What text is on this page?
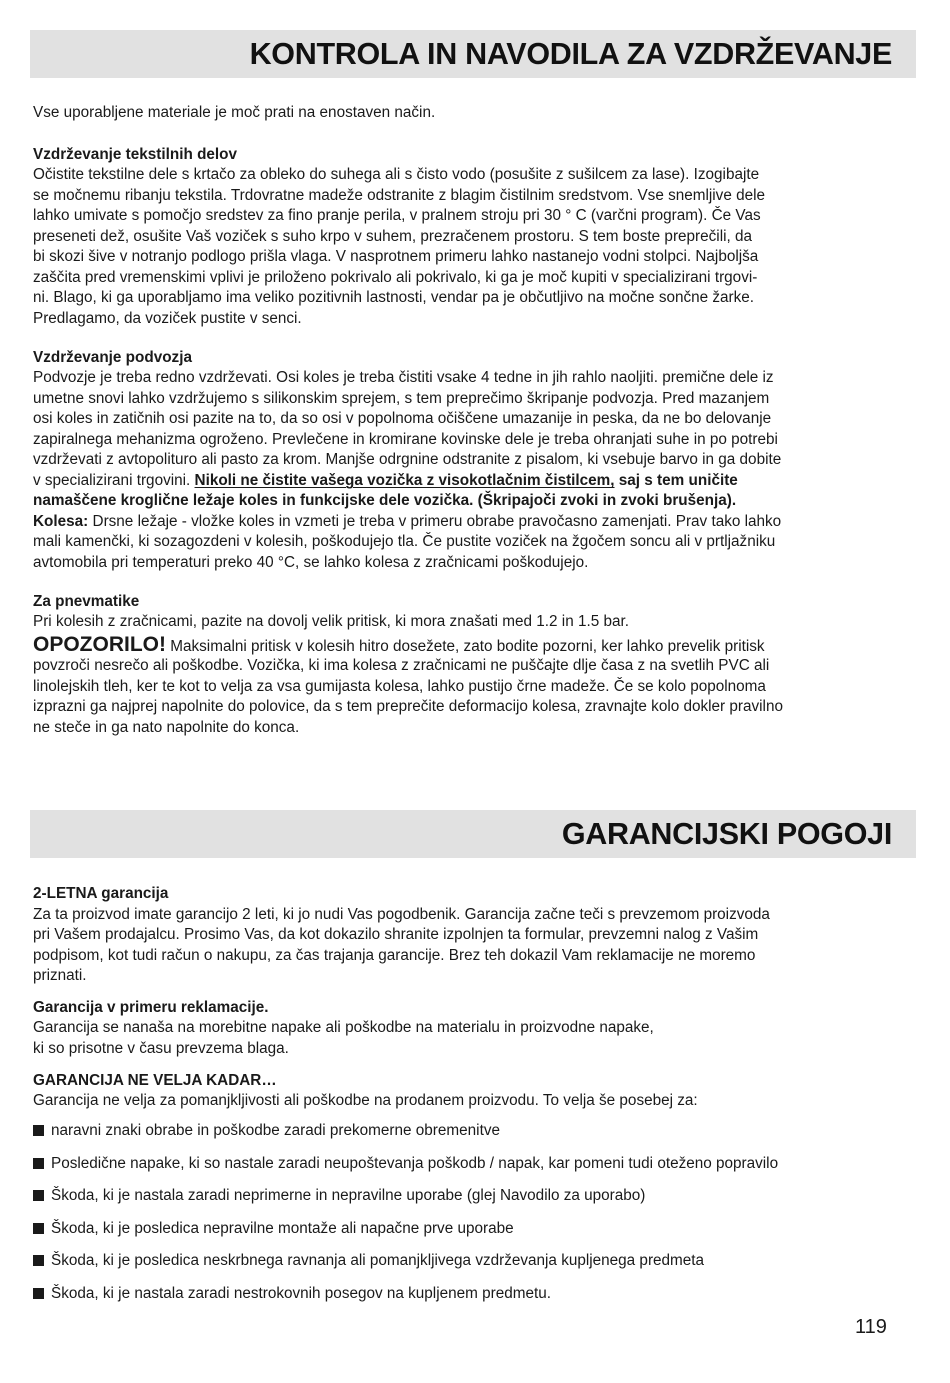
KONTROLA IN NAVODILA ZA VZDRŽEVANJE

Vse uporabljene materiale je moč prati na enostaven način.

Vzdrževanje tekstilnih delov

Očistite tekstilne dele s krtačo za obleko do suhega ali s čisto vodo (posušite z sušilcem za lase). Izogibajte

se močnemu ribanju tekstila. Trdovratne madeže odstranite z blagim čistilnim sredstvom. Vse snemljive dele

lahko umivate s pomočjo sredstev za fino pranje perila, v pralnem stroju pri 30 ° C (varčni program). Če Vas

preseneti dež, osušite Vaš voziček s suho krpo v suhem, prezračenem prostoru. S tem boste preprečili, da

bi skozi šive v notranjo podlogo prišla vlaga. V nasprotnem primeru lahko nastanejo vodni stolpci. Najboljša

zaščita pred vremenskimi vplivi je priloženo pokrivalo ali pokrivalo, ki ga je moč kupiti v specializirani trgovi-

ni. Blago, ki ga uporabljamo ima veliko pozitivnih lastnosti, vendar pa je občutljivo na močne sončne žarke.

Predlagamo, da voziček pustite v senci.

Vzdrževanje podvozja

Podvozje je treba redno vzdrževati. Osi koles je treba čistiti vsake 4 tedne in jih rahlo naoljiti. premične dele iz

umetne snovi lahko vzdržujemo s silikonskim sprejem, s tem preprečimo škripanje podvozja. Pred mazanjem

osi koles in zatičnih osi pazite na to, da so osi v popolnoma očiščene umazanije in peska, da ne bo delovanje

zapiralnega mehanizma ogroženo. Prevlečene in kromirane kovinske dele je treba ohranjati suhe in po potrebi

vzdrževati z avtopolituro ali pasto za krom. Manjše odrgnine odstranite z pisalom, ki vsebuje barvo in ga dobite

v specializirani trgovini. Nikoli ne čistite vašega vozička z visokotlačnim čistilcem, saj s tem uničite

namaščene kroglične ležaje koles in funkcijske dele vozička. (Škripajoči zvoki in zvoki brušenja).

Kolesa: Drsne ležaje - vložke koles in vzmeti je treba v primeru obrabe pravočasno zamenjati. Prav tako lahko

mali kamenčki, ki sozagozdeni v kolesih, poškodujejo tla. Če pustite voziček na žgočem soncu ali v prtljažniku

avtomobila pri temperaturi preko 40 °C, se lahko kolesa z zračnicami poškodujejo.

Za pnevmatike

Pri kolesih z zračnicami, pazite na dovolj velik pritisk, ki mora znašati med 1.2 in 1.5 bar.

OPOZORILO! Maksimalni pritisk v kolesih hitro dosežete, zato bodite pozorni, ker lahko prevelik pritisk

povzroči nesrečo ali poškodbe. Vozička, ki ima kolesa z zračnicami ne puščajte dlje časa z na svetlih PVC ali

linolejskih tleh, ker te kot to velja za vsa gumijasta kolesa, lahko pustijo črne madeže. Če se kolo popolnoma

izprazni ga najprej napolnite do polovice, da s tem preprečite deformacijo kolesa, zravnajte kolo dokler pravilno

ne steče in ga nato napolnite do konca.

GARANCIJSKI POGOJI

2-LETNA garancija

Za ta proizvod imate garancijo 2 leti, ki jo nudi Vas pogodbenik. Garancija začne teči s prevzemom proizvoda

pri Vašem prodajalcu. Prosimo Vas, da kot dokazilo shranite izpolnjen ta formular, prevzemni nalog z Vašim

podpisom, kot tudi račun o nakupu, za čas trajanja garancije. Brez teh dokazil Vam reklamacije ne moremo

priznati.

Garancija v primeru reklamacije.

Garancija se nanaša na morebitne napake ali poškodbe na materialu in proizvodne napake,

ki so prisotne v času prevzema blaga.

GARANCIJA NE VELJA KADAR…

Garancija ne velja za pomanjkljivosti ali poškodbe na prodanem proizvodu. To velja še posebej za:

naravni znaki obrabe in poškodbe zaradi prekomerne obremenitve
Posledične napake, ki so nastale zaradi neupoštevanja poškodb / napak, kar pomeni tudi oteženo popravilo
Škoda, ki je nastala zaradi neprimerne in nepravilne uporabe (glej Navodilo za uporabo)
Škoda, ki je posledica nepravilne montaže ali napačne prve uporabe
Škoda, ki je posledica neskrbnega ravnanja ali pomanjkljivega vzdrževanja kupljenega predmeta
Škoda, ki je nastala zaradi nestrokovnih posegov na kupljenem predmetu.
119
